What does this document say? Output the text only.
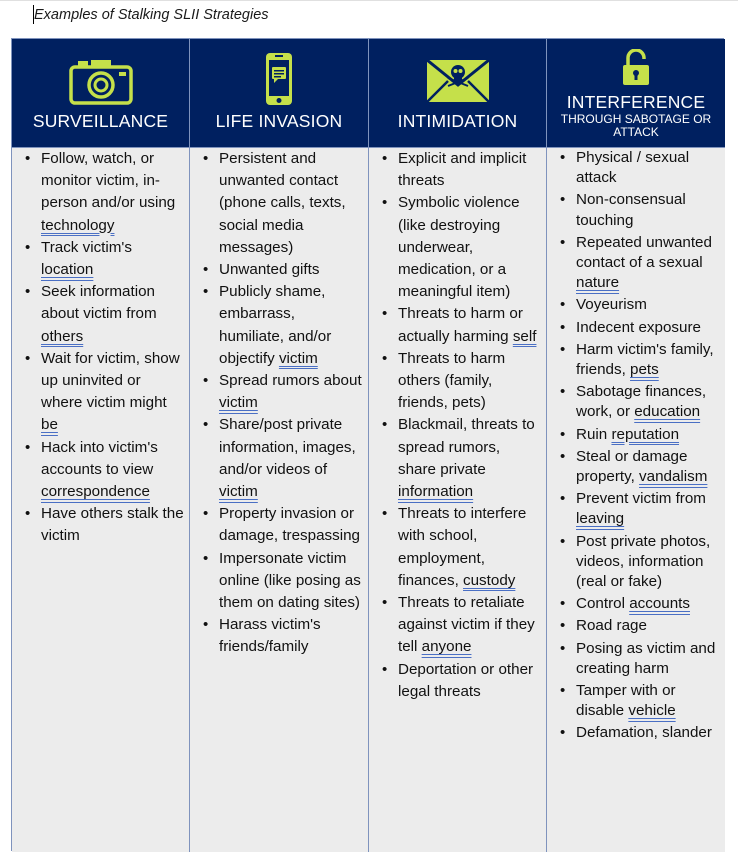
Examples of Stalking SLII Strategies
SURVEILLANCE	LIFE INVASION	INTIMIDATION
INTERFERENCE
THROUGH SABOTAGE OR ATTACK
• Follow, watch, or monitor victim, in-person and/or using technology
• Track victim's location
• Seek information about victim from others
• Wait for victim, show up uninvited or where victim might be
• Hack into victim's accounts to view correspondence
• Have others stalk the victim
• Persistent and unwanted contact (phone calls, texts, social media messages)
• Unwanted gifts
• Publicly shame, embarrass, humiliate, and/or objectify victim
• Spread rumors about victim
• Share/post private information, images, and/or videos of victim
• Property invasion or damage, trespassing
• Impersonate victim online (like posing as them on dating sites)
• Harass victim's friends/family
• Explicit and implicit threats
• Symbolic violence (like destroying underwear, medication, or a meaningful item)
• Threats to harm or actually harming self
• Threats to harm others (family, friends, pets)
• Blackmail, threats to spread rumors, share private information
• Threats to interfere with school, employment, finances, custody
• Threats to retaliate against victim if they tell anyone
• Deportation or other legal threats
• Physical / sexual attack
• Non-consensual touching
• Repeated unwanted contact of a sexual nature
• Voyeurism
• Indecent exposure
• Harm victim's family, friends, pets
• Sabotage finances, work, or education
• Ruin reputation
• Steal or damage property, vandalism
• Prevent victim from leaving
• Post private photos, videos, information (real or fake)
• Control accounts
• Road rage
• Posing as victim and creating harm
• Tamper with or disable vehicle
• Defamation, slander
